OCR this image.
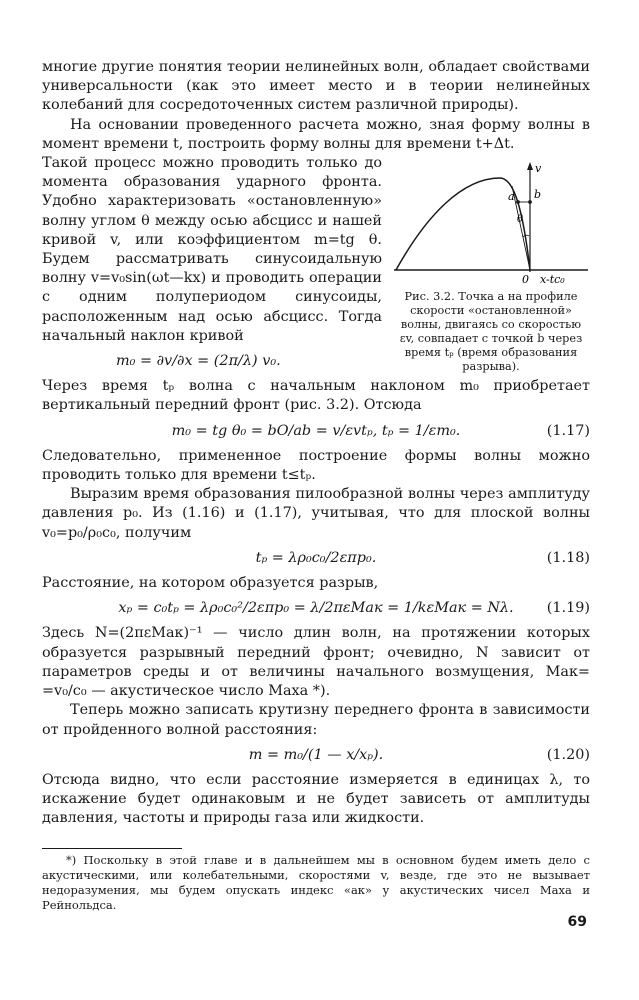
многие другие понятия теории нелинейных волн, обладает свойствами универсальности (как это имеет место и в теории нелинейных колебаний для сосредоточенных систем различной природы).

На основании проведенного расчета можно, зная форму волны в момент времени t, построить форму волны для времени t+Δt.

v
b
a
θ
0 x-tc₀
Рис. 3.2. Точка a на профиле скорости «остановленной» волны, двигаясь со скоростью εv, совпадает с точкой b через время tₚ (время образования разрыва).

Такой процесс можно проводить только до момента образования ударного фронта. Удобно характеризовать «остановленную» волну углом θ между осью абсцисс и нашей кривой v, или коэффициентом m=tg θ. Будем рассматривать синусоидальную волну v=v₀sin(ωt—kx) и проводить операции с одним полупериодом синусоиды, расположенным над осью абсцисс. Тогда начальный наклон кривой

m₀ = ∂v/∂x = (2π/λ) v₀.

Через время tₚ волна с начальным наклоном m₀ приобретает вертикальный передний фронт (рис. 3.2). Отсюда

m₀ = tg θ₀ = bO/ab = v/εvtₚ, tₚ = 1/εm₀.	(1.17)

Следовательно, примененное построение формы волны можно проводить только для времени t≤tₚ.

Выразим время образования пилообразной волны через амплитуду давления p₀. Из (1.16) и (1.17), учитывая, что для плоской волны v₀=p₀/ρ₀c₀, получим

tₚ = λρ₀c₀/2επp₀.	(1.18)

Расстояние, на котором образуется разрыв,

xₚ = c₀tₚ = λρ₀c₀²/2επp₀ = λ/2πεMак = 1/kεMак = Nλ. (1.19)

Здесь N=(2πεMак)⁻¹ — число длин волн, на протяжении которых образуется разрывный передний фронт; очевидно, N зависит от параметров среды и от величины начального возмущения, Mак= =v₀/c₀ — акустическое число Маха *).

Теперь можно записать крутизну переднего фронта в зависимости от пройденного волной расстояния:

m = m₀/(1 — x/xₚ).	(1.20)

Отсюда видно, что если расстояние измеряется в единицах λ, то искажение будет одинаковым и не будет зависеть от амплитуды давления, частоты и природы газа или жидкости.

*) Поскольку в этой главе и в дальнейшем мы в основном будем иметь дело с акустическими, или колебательными, скоростями v, везде, где это не вызывает недоразумения, мы будем опускать индекс «ак» у акустических чисел Маха и Рейнольдса.

69
